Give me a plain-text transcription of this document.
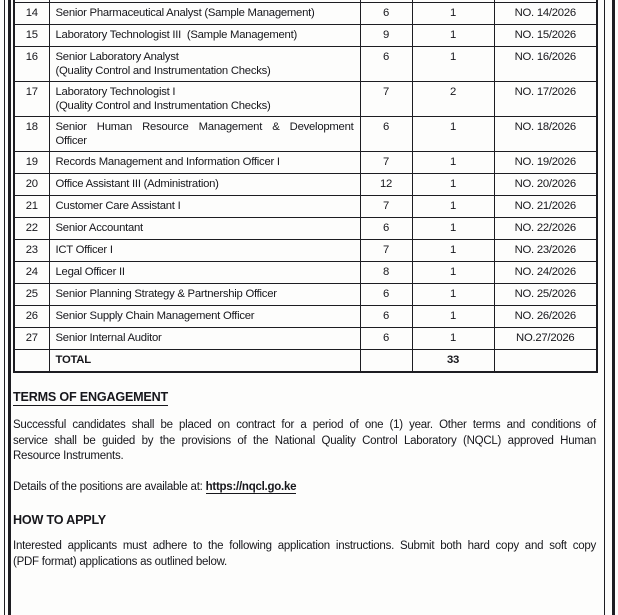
14	Senior Pharmaceutical Analyst (Sample Management)	6	1	NO. 14/2026
15	Laboratory Technologist III  (Sample Management)	9	1	NO. 15/2026
16	Senior Laboratory Analyst
(Quality Control and Instrumentation Checks)	6	1	NO. 16/2026
17	Laboratory Technologist I
(Quality Control and Instrumentation Checks)	7	2	NO. 17/2026
18	Senior Human Resource Management & Development
Officer	6	1	NO. 18/2026
19	Records Management and Information Officer I	7	1	NO. 19/2026
20	Office Assistant III (Administration)	12	1	NO. 20/2026
21	Customer Care Assistant I	7	1	NO. 21/2026
22	Senior Accountant	6	1	NO. 22/2026
23	ICT Officer I	7	1	NO. 23/2026
24	Legal Officer II	8	1	NO. 24/2026
25	Senior Planning Strategy & Partnership Officer	6	1	NO. 25/2026
26	Senior Supply Chain Management Officer	6	1	NO. 26/2026
27	Senior Internal Auditor	6	1	NO.27/2026
	TOTAL		33	
TERMS OF ENGAGEMENT
Successful candidates shall be placed on contract for a period of one (1) year. Other terms and conditions of
service shall be guided by the provisions of the National Quality Control Laboratory (NQCL) approved Human
Resource Instruments.
Details of the positions are available at: https://nqcl.go.ke
HOW TO APPLY
Interested applicants must adhere to the following application instructions. Submit both hard copy and soft copy
(PDF format) applications as outlined below.
